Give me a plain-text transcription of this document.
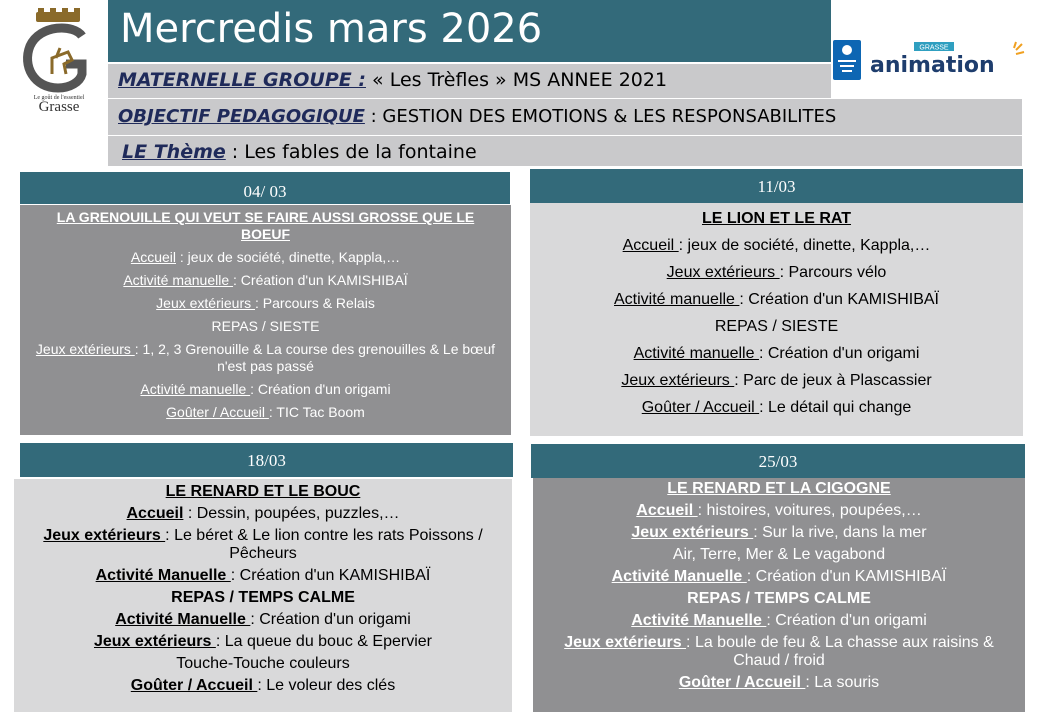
Le goût de l'essentiel
Grasse
Mercredis mars 2026	GRASSE
animation
MATERNELLE GROUPE : « Les Trèfles » MS ANNEE 2021
OBJECTIF PEDAGOGIQUE : GESTION DES EMOTIONS & LES RESPONSABILITES
LE Thème : Les fables de la fontaine
04/ 03
LA GRENOUILLE QUI VEUT SE FAIRE AUSSI GROSSE QUE LE BOEUF
Accueil : jeux de société, dinette, Kappla,…
Activité manuelle : Création d'un KAMISHIBAÏ
Jeux extérieurs : Parcours & Relais
REPAS / SIESTE
Jeux extérieurs : 1, 2, 3 Grenouille & La course des grenouilles & Le bœuf n'est pas passé
Activité manuelle : Création d'un origami
Goûter / Accueil : TIC Tac Boom
11/03
LE LION ET LE RAT
Accueil : jeux de société, dinette, Kappla,…
Jeux extérieurs : Parcours vélo
Activité manuelle : Création d'un KAMISHIBAÏ
REPAS / SIESTE
Activité manuelle : Création d'un origami
Jeux extérieurs : Parc de jeux à Plascassier
Goûter / Accueil : Le détail qui change
18/03
LE RENARD ET LE BOUC
Accueil : Dessin, poupées, puzzles,…
Jeux extérieurs : Le béret & Le lion contre les rats Poissons / Pêcheurs
Activité Manuelle : Création d'un KAMISHIBAÏ
REPAS / TEMPS CALME
Activité Manuelle : Création d'un origami
Jeux extérieurs : La queue du bouc & Epervier
Touche-Touche couleurs
Goûter / Accueil : Le voleur des clés
25/03
LE RENARD ET LA CIGOGNE
Accueil : histoires, voitures, poupées,…
Jeux extérieurs : Sur la rive, dans la mer
Air, Terre, Mer & Le vagabond
Activité Manuelle : Création d'un KAMISHIBAÏ
REPAS / TEMPS CALME
Activité Manuelle : Création d'un origami
Jeux extérieurs : La boule de feu & La chasse aux raisins & Chaud / froid
Goûter / Accueil : La souris
